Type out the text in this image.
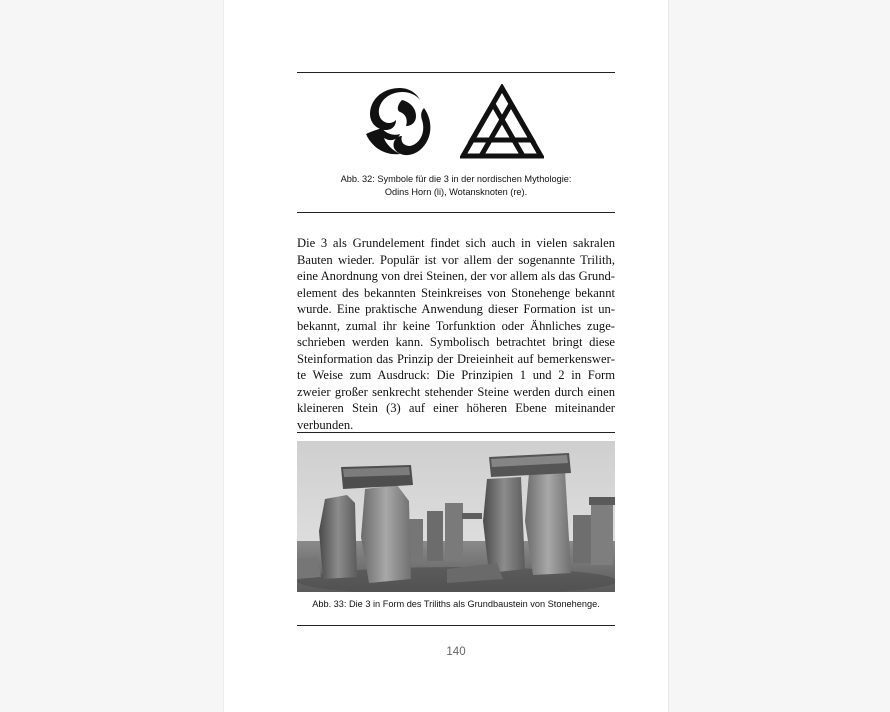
Abb. 32: Symbole für die 3 in der nordischen Mythologie:
Odins Horn (li), Wotansknoten (re).
Die 3 als Grundelement findet sich auch in vielen sakralen Bauten wieder. Populär ist vor allem der sogenannte Trilith, eine Anordnung von drei Steinen, der vor allem als das Grundelement des bekannten Steinkreises von Stonehenge bekannt wurde. Eine praktische Anwendung dieser Formation ist unbekannt, zumal ihr keine Torfunktion oder Ähnliches zugeschrieben werden kann. Symbolisch betrachtet bringt diese Steinformation das Prinzip der Dreieinheit auf bemerkenswerte Weise zum Ausdruck: Die Prinzipien 1 und 2 in Form zweier großer senkrecht stehender Steine werden durch einen kleineren Stein (3) auf einer höheren Ebene miteinander verbunden.
Abb. 33: Die 3 in Form des Triliths als Grundbaustein von Stonehenge.
140
